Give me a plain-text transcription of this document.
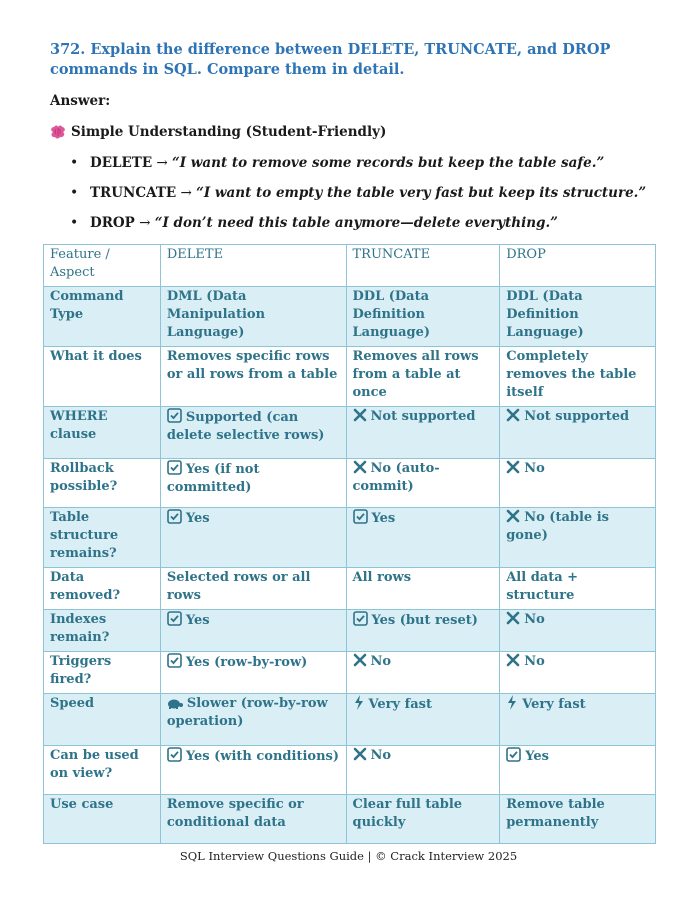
372. Explain the difference between DELETE, TRUNCATE, and DROP commands in SQL. Compare them in detail.
Answer:
Simple Understanding (Student-Friendly)
• DELETE → “I want to remove some records but keep the table safe.”
• TRUNCATE → “I want to empty the table very fast but keep its structure.”
• DROP → “I don’t need this table anymore—delete everything.”
Feature / Aspect	DELETE	TRUNCATE	DROP
Command Type	DML (Data Manipulation Language)	DDL (Data Definition Language)	DDL (Data Definition Language)
What it does	Removes specific rows or all rows from a table	Removes all rows from a table at once	Completely removes the table itself
WHERE clause	Supported (can delete selective rows)	Not supported	Not supported
Rollback possible?	Yes (if not committed)	No (auto-commit)	No
Table structure remains?	Yes	Yes	No (table is gone)
Data removed?	Selected rows or all rows	All rows	All data + structure
Indexes remain?	Yes	Yes (but reset)	No
Triggers fired?	Yes (row-by-row)	No	No
Speed	Slower (row-by-row operation)	Very fast	Very fast
Can be used on view?	Yes (with conditions)	No	Yes
Use case	Remove specific or conditional data	Clear full table quickly	Remove table permanently
SQL Interview Questions Guide | © Crack Interview 2025
